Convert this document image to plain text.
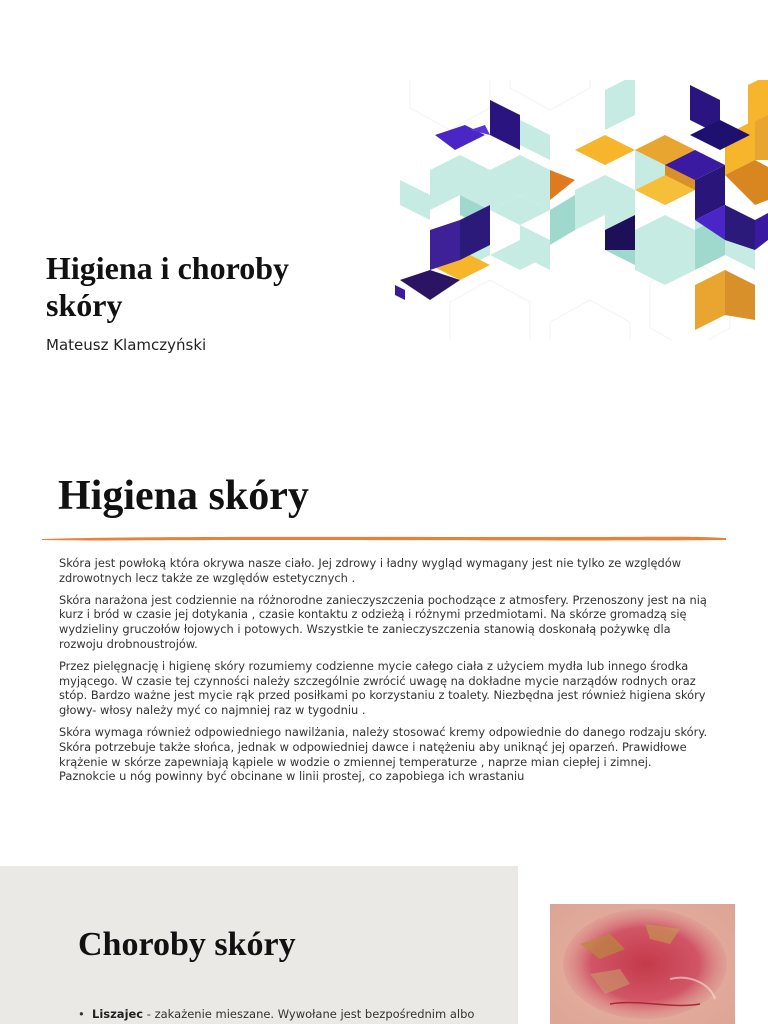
Higiena i choroby skóry
Mateusz Klamczyński
Higiena skóry

Skóra jest powłoką która okrywa nasze ciało. Jej zdrowy i ładny wygląd wymagany jest nie tylko ze względów zdrowotnych lecz także ze względów estetycznych .

Skóra narażona jest codziennie na różnorodne zanieczyszczenia pochodzące z atmosfery. Przenoszony jest na nią kurz i bród w czasie jej dotykania , czasie kontaktu z odzieżą i różnymi przedmiotami. Na skórze gromadzą się wydzieliny gruczołów łojowych i potowych. Wszystkie te zanieczyszczenia stanowią doskonałą pożywkę dla rozwoju drobnoustrojów.

Przez pielęgnację i higienę skóry rozumiemy codzienne mycie całego ciała z użyciem mydła lub innego środka myjącego. W czasie tej czynności należy szczególnie zwrócić uwagę na dokładne mycie narządów rodnych oraz stóp. Bardzo ważne jest mycie rąk przed posiłkami po korzystaniu z toalety. Niezbędna jest również higiena skóry głowy- włosy należy myć co najmniej raz w tygodniu .

Skóra wymaga również odpowiedniego nawilżania, należy stosować kremy odpowiednie do danego rodzaju skóry. Skóra potrzebuje także słońca, jednak w odpowiedniej dawce i natężeniu aby uniknąć jej oparzeń. Prawidłowe krążenie w skórze zapewniają kąpiele w wodzie o zmiennej temperaturze , naprze mian ciepłej i zimnej. Paznokcie u nóg powinny być obcinane w linii prostej, co zapobiega ich wrastaniu

Choroby skóry
• Liszajec - zakażenie mieszane. Wywołane jest bezpośrednim albo
